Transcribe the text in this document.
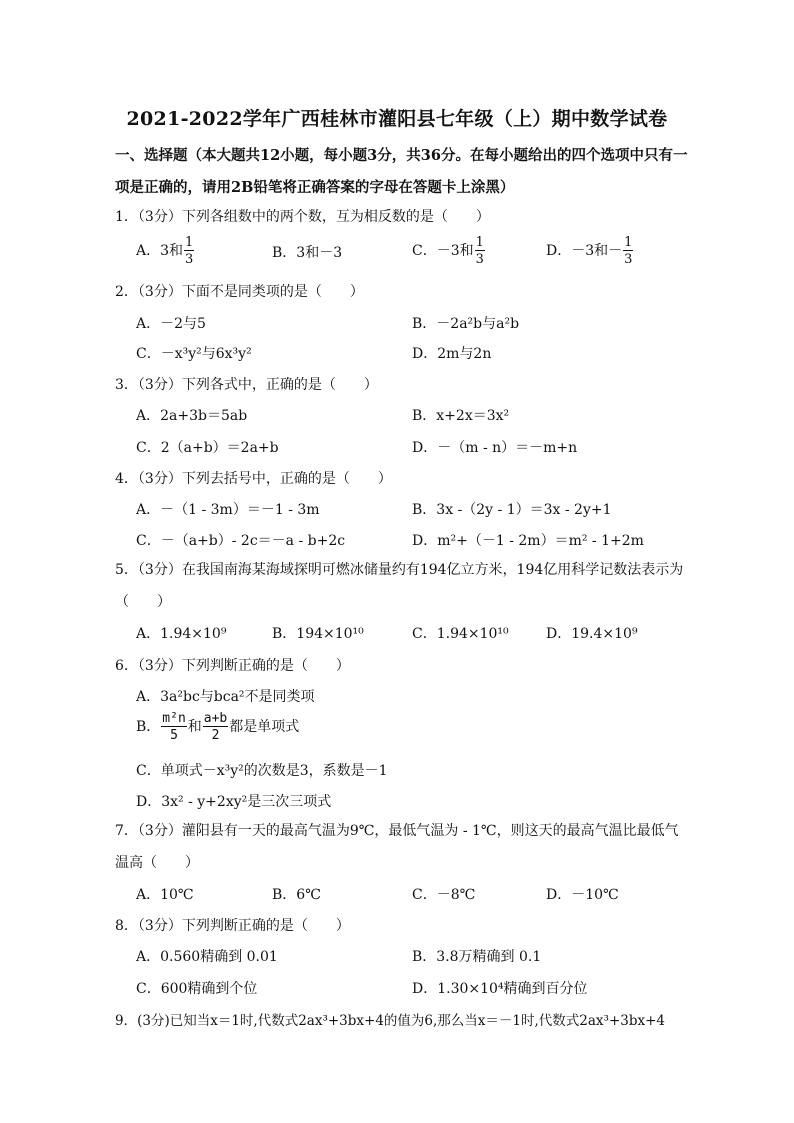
2021-2022学年广西桂林市灌阳县七年级（上）期中数学试卷
一、选择题（本大题共12小题，每小题3分，共36分。在每小题给出的四个选项中只有一项是正确的，请用2B铅笔将正确答案的字母在答题卡上涂黑）
1．（3分）下列各组数中的两个数，互为相反数的是（　　）
A．3和 $\frac{1}{3}$	B．3和－3	C．－3和 $\frac{1}{3}$	D．－3和－ $\frac{1}{3}$
2．（3分）下面不是同类项的是（　　）
A．－2与5	B．－2a²b与a²b
C．－x³y²与6x³y²	D．2m与2n
3．（3分）下列各式中，正确的是（　　）
A．2a+3b＝5ab	B．x+2x＝3x²
C．2（a+b）＝2a+b	D．－（m - n）＝－m+n
4．（3分）下列去括号中，正确的是（　　）
A．－（1 - 3m）＝－1 - 3m	B．3x -（2y - 1）＝3x - 2y+1
C．－（a+b）- 2c＝－a - b+2c	D．m²+（－1 - 2m）＝m² - 1+2m
5．（3分）在我国南海某海域探明可燃冰储量约有194亿立方米，194亿用科学记数法表示为（　　）
A．1.94×10⁹	B．194×10¹⁰	C．1.94×10¹⁰	D．19.4×10⁹
6．（3分）下列判断正确的是（　　）
A．3a²bc与bca²不是同类项
B． $\frac{\text{m²n}}{5}$ 和 $\frac{a+b}{2}$ 都是单项式
C．单项式－x³y²的次数是3，系数是－1
D．3x² - y+2xy²是三次三项式
7．（3分）灌阳县有一天的最高气温为9℃，最低气温为 - 1℃，则这天的最高气温比最低气温高（　　）
A．10℃	B．6℃	C．－8℃	D．－10℃
8．（3分）下列判断正确的是（　　）
A．0.560精确到 0.01	B．3.8万精确到 0.1
C．600精确到个位	D．1.30×10⁴精确到百分位
9．(3分)已知当x＝1时,代数式2ax³+3bx+4的值为6,那么当x＝－1时,代数式2ax³+3bx+4
